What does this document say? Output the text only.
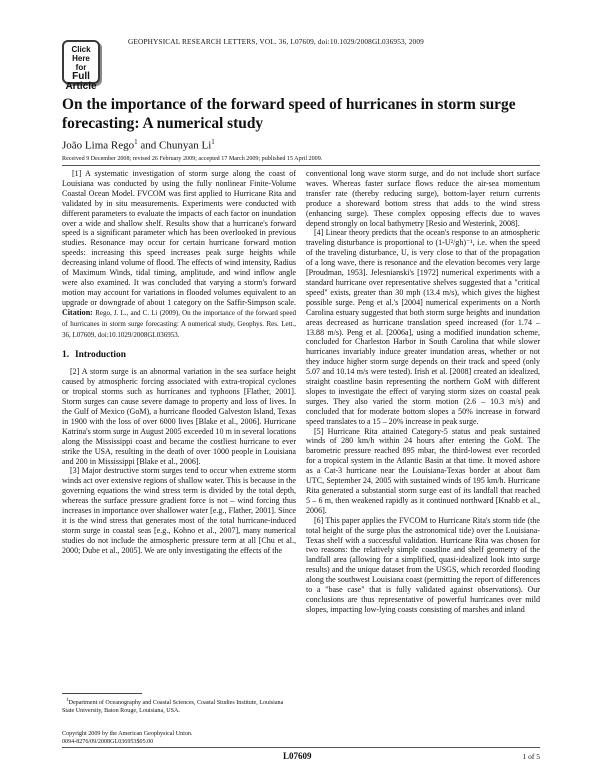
Click
Here
for
Full
Article
GEOPHYSICAL RESEARCH LETTERS, VOL. 36, L07609, doi:10.1029/2008GL036953, 2009
On the importance of the forward speed of hurricanes in storm surge forecasting: A numerical study
João Lima Rego$^1$ and Chunyan Li$^1$
Received 9 December 2008; revised 26 February 2009; accepted 17 March 2009; published 15 April 2009.

[1] A systematic investigation of storm surge along the coast of Louisiana was conducted by using the fully nonlinear Finite-Volume Coastal Ocean Model. FVCOM was first applied to Hurricane Rita and validated by in situ measurements. Experiments were conducted with different parameters to evaluate the impacts of each factor on inundation over a wide and shallow shelf. Results show that a hurricane's forward speed is a significant parameter which has been overlooked in previous studies. Resonance may occur for certain hurricane forward motion speeds: increasing this speed increases peak surge heights while decreasing inland volume of flood. The effects of wind intensity, Radius of Maximum Winds, tidal timing, amplitude, and wind inflow angle were also examined. It was concluded that varying a storm's forward motion may account for variations in flooded volumes equivalent to an upgrade or downgrade of about 1 category on the Saffir-Simpson scale. Citation: Rego, J. L., and C. Li (2009), On the importance of the forward speed of hurricanes in storm surge forecasting: A numerical study, Geophys. Res. Lett., 36, L07609, doi:10.1029/2008GL036953.

1. Introduction

[2] A storm surge is an abnormal variation in the sea surface height caused by atmospheric forcing associated with extra-tropical cyclones or tropical storms such as hurricanes and typhoons [Flather, 2001]. Storm surges can cause severe damage to property and loss of lives. In the Gulf of Mexico (GoM), a hurricane flooded Galveston Island, Texas in 1900 with the loss of over 6000 lives [Blake et al., 2006]. Hurricane Katrina's storm surge in August 2005 exceeded 10 m in several locations along the Mississippi coast and became the costliest hurricane to ever strike the USA, resulting in the death of over 1000 people in Louisiana and 200 in Mississippi [Blake et al., 2006].

[3] Major destructive storm surges tend to occur when extreme storm winds act over extensive regions of shallow water. This is because in the governing equations the wind stress term is divided by the total depth, whereas the surface pressure gradient force is not – wind forcing thus increases in importance over shallower water [e.g., Flather, 2001]. Since it is the wind stress that generates most of the total hurricane-induced storm surge in coastal seas [e.g., Kohno et al., 2007], many numerical studies do not include the atmospheric pressure term at all [Chu et al., 2000; Dube et al., 2005]. We are only investigating the effects of the

conventional long wave storm surge, and do not include short surface waves. Whereas faster surface flows reduce the air-sea momentum transfer rate (thereby reducing surge), bottom-layer return currents produce a shoreward bottom stress that adds to the wind stress (enhancing surge). These complex opposing effects due to waves depend strongly on local bathymetry [Resio and Westerink, 2008].

[4] Linear theory predicts that the ocean's response to an atmospheric traveling disturbance is proportional to (1-U²/gh)⁻¹, i.e. when the speed of the traveling disturbance, U, is very close to that of the propagation of a long wave, there is resonance and the elevation becomes very large [Proudman, 1953]. Jelesnianski's [1972] numerical experiments with a standard hurricane over representative shelves suggested that a "critical speed" exists, greater than 30 mph (13.4 m/s), which gives the highest possible surge. Peng et al.'s [2004] numerical experiments on a North Carolina estuary suggested that both storm surge heights and inundation areas decreased as hurricane translation speed increased (for 1.74 – 13.88 m/s). Peng et al. [2006a], using a modified inundation scheme, concluded for Charleston Harbor in South Carolina that while slower hurricanes invariably induce greater inundation areas, whether or not they induce higher storm surge depends on their track and speed (only 5.07 and 10.14 m/s were tested). Irish et al. [2008] created an idealized, straight coastline basin representing the northern GoM with different slopes to investigate the effect of varying storm sizes on coastal peak surges. They also varied the storm motion (2.6 – 10.3 m/s) and concluded that for moderate bottom slopes a 50% increase in forward speed translates to a 15 – 20% increase in peak surge.

[5] Hurricane Rita attained Category-5 status and peak sustained winds of 280 km/h within 24 hours after entering the GoM. The barometric pressure reached 895 mbar, the third-lowest ever recorded for a tropical system in the Atlantic Basin at that time. It moved ashore as a Cat-3 hurricane near the Louisiana-Texas border at about 8am UTC, September 24, 2005 with sustained winds of 195 km/h. Hurricane Rita generated a substantial storm surge east of its landfall that reached 5 – 6 m, then weakened rapidly as it continued northward [Knabb et al., 2006].

[6] This paper applies the FVCOM to Hurricane Rita's storm tide (the total height of the surge plus the astronomical tide) over the Louisiana-Texas shelf with a successful validation. Hurricane Rita was chosen for two reasons: the relatively simple coastline and shelf geometry of the landfall area (allowing for a simplified, quasi-idealized look into surge results) and the unique dataset from the USGS, which recorded flooding along the southwest Louisiana coast (permitting the report of differences to a "base case" that is fully validated against observations). Our conclusions are thus representative of powerful hurricanes over mild slopes, impacting low-lying coasts consisting of marshes and inland

$^1$Department of Oceanography and Coastal Sciences, Coastal Studies Institute, Louisiana State University, Baton Rouge, Louisiana, USA.

Copyright 2009 by the American Geophysical Union.
0094-8276/09/2008GL036953$05.00
L07609	1 of 5
